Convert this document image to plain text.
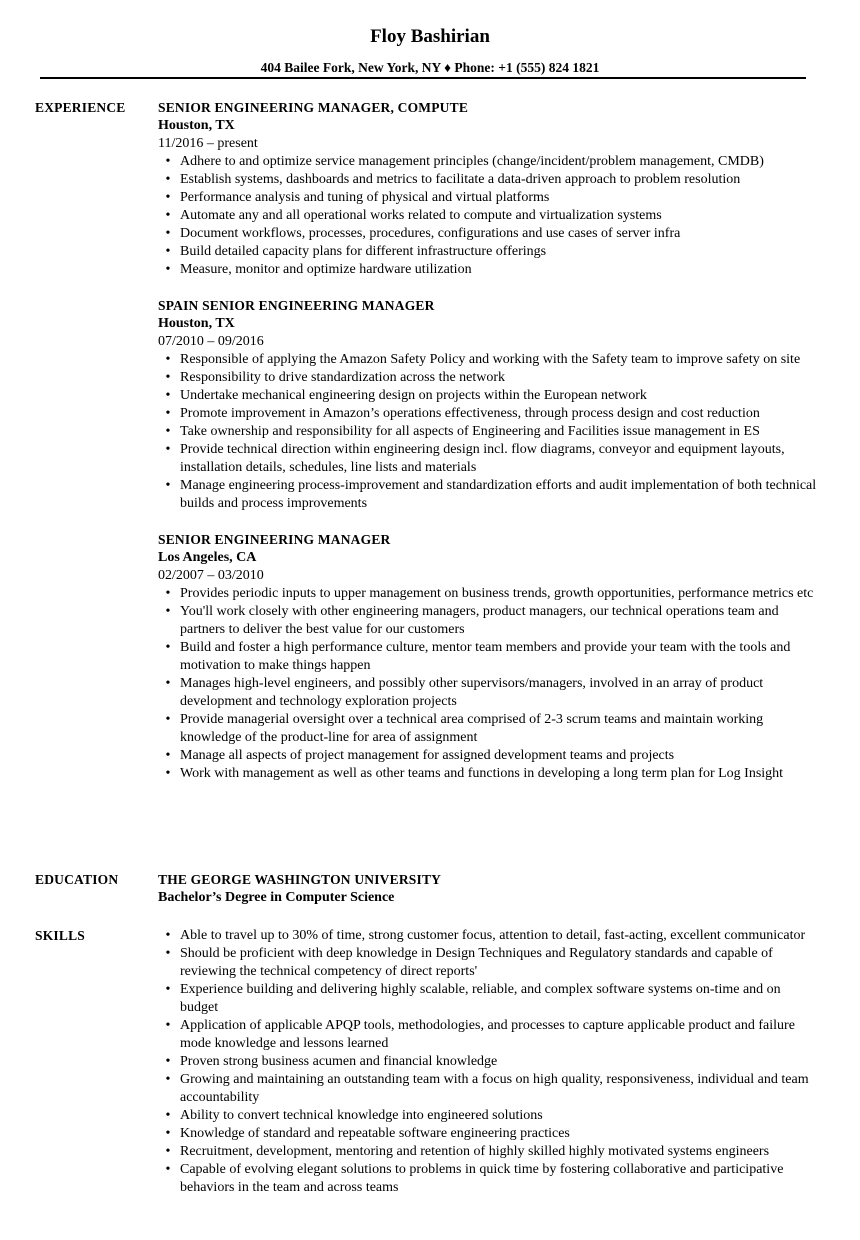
Floy Bashirian
404 Bailee Fork, New York, NY ♦ Phone: +1 (555) 824 1821
EXPERIENCE SENIOR ENGINEERING MANAGER, COMPUTE
Houston, TX
11/2016 – present
• Adhere to and optimize service management principles (change/incident/problem management, CMDB)
• Establish systems, dashboards and metrics to facilitate a data-driven approach to problem resolution
• Performance analysis and tuning of physical and virtual platforms
• Automate any and all operational works related to compute and virtualization systems
• Document workflows, processes, procedures, configurations and use cases of server infra
• Build detailed capacity plans for different infrastructure offerings
• Measure, monitor and optimize hardware utilization
SPAIN SENIOR ENGINEERING MANAGER
Houston, TX
07/2010 – 09/2016
• Responsible of applying the Amazon Safety Policy and working with the Safety team to improve safety on site
• Responsibility to drive standardization across the network
• Undertake mechanical engineering design on projects within the European network
• Promote improvement in Amazon’s operations effectiveness, through process design and cost reduction
• Take ownership and responsibility for all aspects of Engineering and Facilities issue management in ES
• Provide technical direction within engineering design incl. flow diagrams, conveyor and equipment layouts, installation details, schedules, line lists and materials
• Manage engineering process-improvement and standardization efforts and audit implementation of both technical builds and process improvements
SENIOR ENGINEERING MANAGER
Los Angeles, CA
02/2007 – 03/2010
• Provides periodic inputs to upper management on business trends, growth opportunities, performance metrics etc
• You'll work closely with other engineering managers, product managers, our technical operations team and partners to deliver the best value for our customers
• Build and foster a high performance culture, mentor team members and provide your team with the tools and motivation to make things happen
• Manages high-level engineers, and possibly other supervisors/managers, involved in an array of product development and technology exploration projects
• Provide managerial oversight over a technical area comprised of 2-3 scrum teams and maintain working knowledge of the product-line for area of assignment
• Manage all aspects of project management for assigned development teams and projects
• Work with management as well as other teams and functions in developing a long term plan for Log Insight
EDUCATION	THE GEORGE WASHINGTON UNIVERSITY
Bachelor’s Degree in Computer Science
SKILLS	• Able to travel up to 30% of time, strong customer focus, attention to detail, fast-acting, excellent communicator
• Should be proficient with deep knowledge in Design Techniques and Regulatory standards and capable of reviewing the technical competency of direct reports'
• Experience building and delivering highly scalable, reliable, and complex software systems on-time and on budget
• Application of applicable APQP tools, methodologies, and processes to capture applicable product and failure mode knowledge and lessons learned
• Proven strong business acumen and financial knowledge
• Growing and maintaining an outstanding team with a focus on high quality, responsiveness, individual and team accountability
• Ability to convert technical knowledge into engineered solutions
• Knowledge of standard and repeatable software engineering practices
• Recruitment, development, mentoring and retention of highly skilled highly motivated systems engineers
• Capable of evolving elegant solutions to problems in quick time by fostering collaborative and participative behaviors in the team and across teams
